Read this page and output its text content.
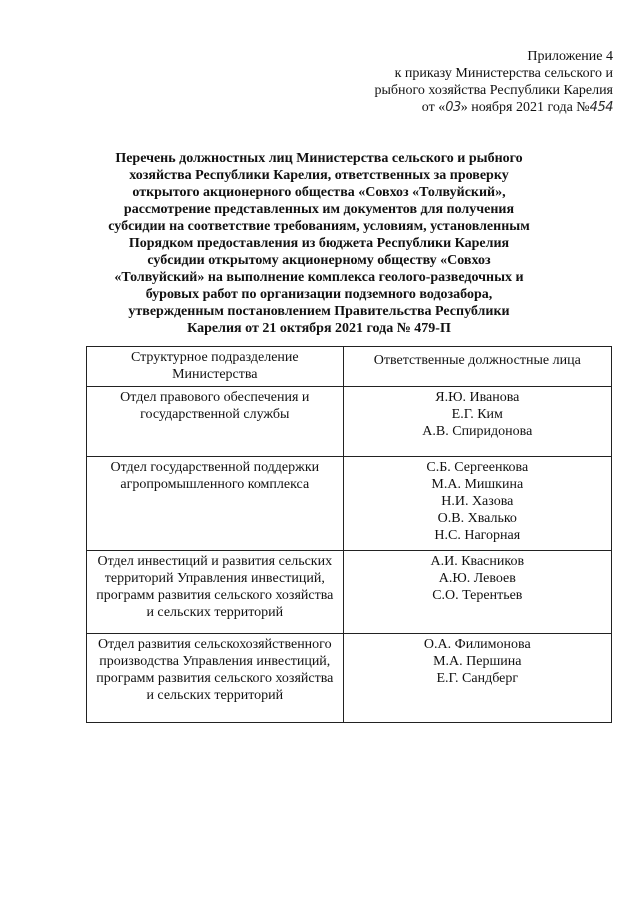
Приложение 4
к приказу Министерства сельского и
рыбного хозяйства Республики Карелия
от «03» ноября 2021 года №454
Перечень должностных лиц Министерства сельского и рыбного хозяйства Республики Карелия, ответственных за проверку открытого акционерного общества «Совхоз «Толвуйский», рассмотрение представленных им документов для получения субсидии на соответствие требованиям, условиям, установленным Порядком предоставления из бюджета Республики Карелия субсидии открытому акционерному обществу «Совхоз «Толвуйский» на выполнение комплекса геолого-разведочных и буровых работ по организации подземного водозабора, утвержденным постановлением Правительства Республики Карелия от 21 октября 2021 года № 479-П
Структурное подразделение Министерства	Ответственные должностные лица
Отдел правового обеспечения и государственной службы	Я.Ю. Иванова
Е.Г. Ким
А.В. Спиридонова

Отдел государственной поддержки агропромышленного комплекса	С.Б. Сергеенкова
М.А. Мишкина
Н.И. Хазова
О.В. Хвалько
Н.С. Нагорная

Отдел инвестиций и развития сельских территорий Управления инвестиций, программ развития сельского хозяйства и сельских территорий	А.И. Квасников
А.Ю. Левоев
С.О. Терентьев

Отдел развития сельскохозяйственного производства Управления инвестиций, программ развития сельского хозяйства и сельских территорий	О.А. Филимонова
М.А. Першина
Е.Г. Сандберг
